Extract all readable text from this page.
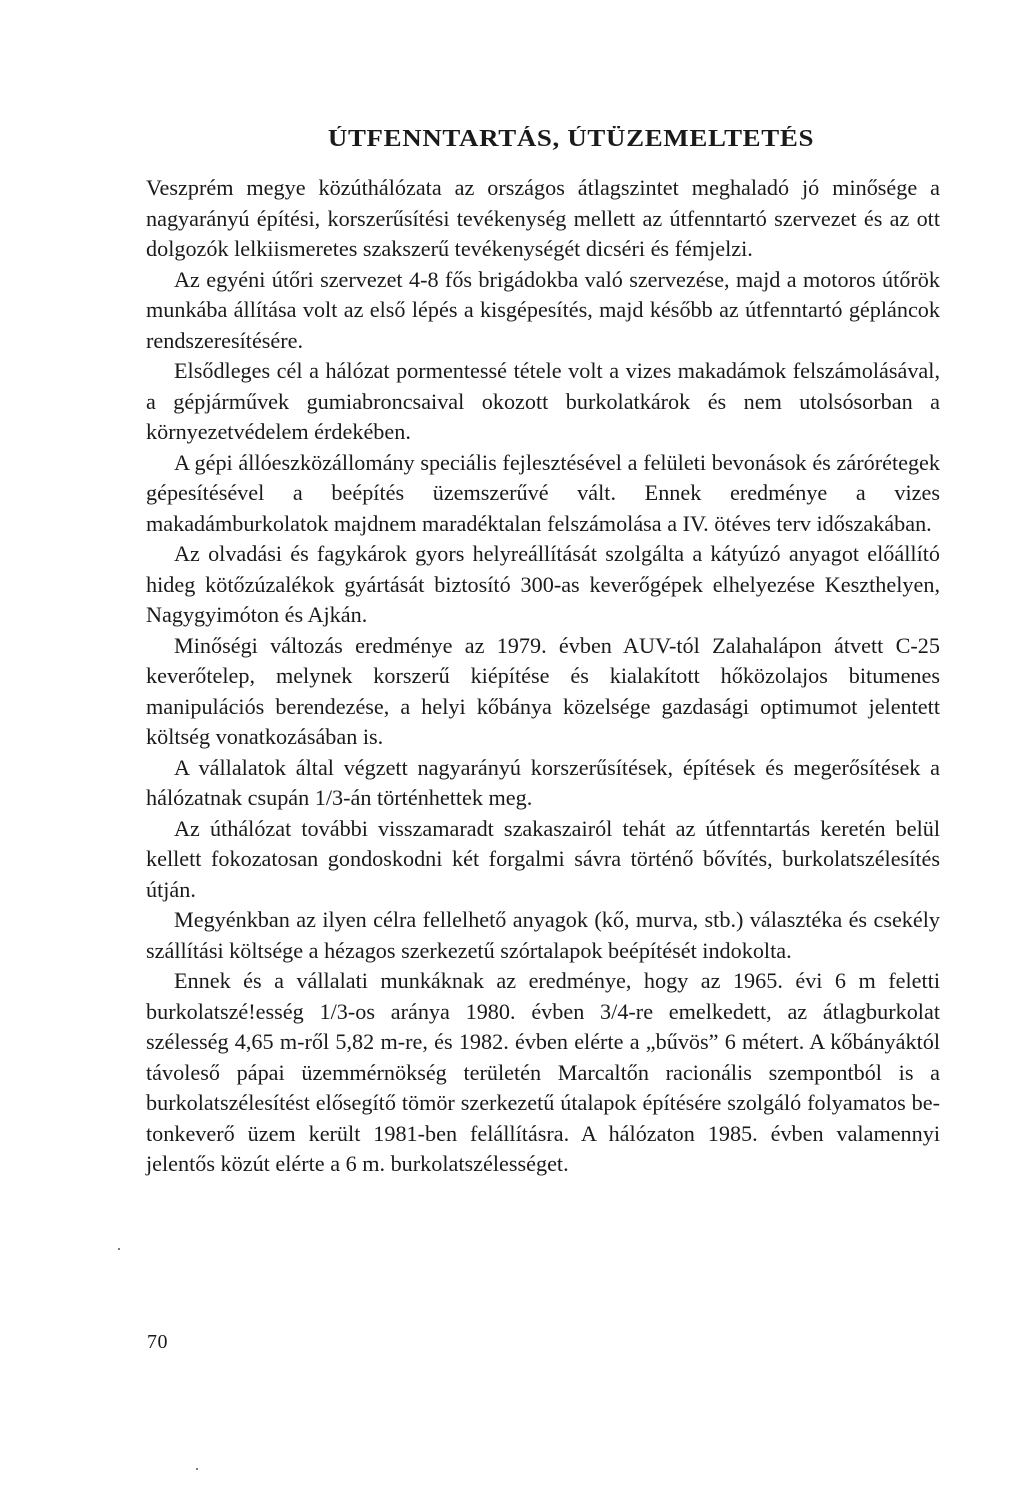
ÚTFENNTARTÁS, ÚTÜZEMELTETÉS

Veszprém megye közúthálózata az országos átlagszintet meghaladó jó minősége a nagyarányú építési, korszerűsítési tevékenység mellett az útfenntartó szervezet és az ott dolgozók lelkiismeretes szakszerű tevékenységét dicséri és fémjelzi.

Az egyéni útőri szervezet 4-8 fős brigádokba való szervezése, majd a motoros útőrök munkába állítása volt az első lépés a kisgépesítés, majd később az útfenntartó gépláncok rendszeresítésére.

Elsődleges cél a hálózat pormentessé tétele volt a vizes makadámok felszámolásával, a gépjárművek gumiabroncsaival okozott burkolatkárok és nem utolsósorban a környezetvédelem érdekében.

A gépi állóeszközállomány speciális fejlesztésével a felületi bevonások és zárórétegek gépesítésével a beépítés üzemszerűvé vált. Ennek eredménye a vizes makadámburkolatok majdnem maradéktalan felszámolása a IV. ötéves terv időszakában.

Az olvadási és fagykárok gyors helyreállítását szolgálta a kátyúzó anyagot előállító hideg kötőzúzalékok gyártását biztosító 300-as keverőgépek elhelyezése Keszthelyen, Nagygyimóton és Ajkán.

Minőségi változás eredménye az 1979. évben AUV-tól Zalahalápon átvett C-25 keverőtelep, melynek korszerű kiépítése és kialakított hőközolajos bitumenes manipulációs berendezése, a helyi kőbánya közelsége gazdasági optimumot jelentett költség vonatkozásában is.

A vállalatok által végzett nagyarányú korszerűsítések, építések és megerősítések a hálózatnak csupán 1/3-án történhettek meg.

Az úthálózat további visszamaradt szakaszairól tehát az útfenntartás keretén belül kellett fokozatosan gondoskodni két forgalmi sávra történő bővítés, burkolatszélesítés útján.

Megyénkban az ilyen célra fellelhető anyagok (kő, murva, stb.) választéka és csekély szállítási költsége a hézagos szerkezetű szórtalapok beépítését indokolta.

Ennek és a vállalati munkáknak az eredménye, hogy az 1965. évi 6 m feletti burkolatszé!esség 1/3-os aránya 1980. évben 3/4-re emelkedett, az átlagburkolat szélesség 4,65 m-ről 5,82 m-re, és 1982. évben elérte a „bűvös” 6 métert. A kőbányáktól távoleső pápai üzemmérnökség területén Marcaltőn racionális szempontból is a burkolatszélesítést elősegítő tömör szerkezetű útalapok építésére szolgáló folyamatos betonkeverő üzem került 1981-ben felállításra. A hálózaton 1985. évben valamennyi jelentős közút elérte a 6 m. burkolatszélességet.

70
